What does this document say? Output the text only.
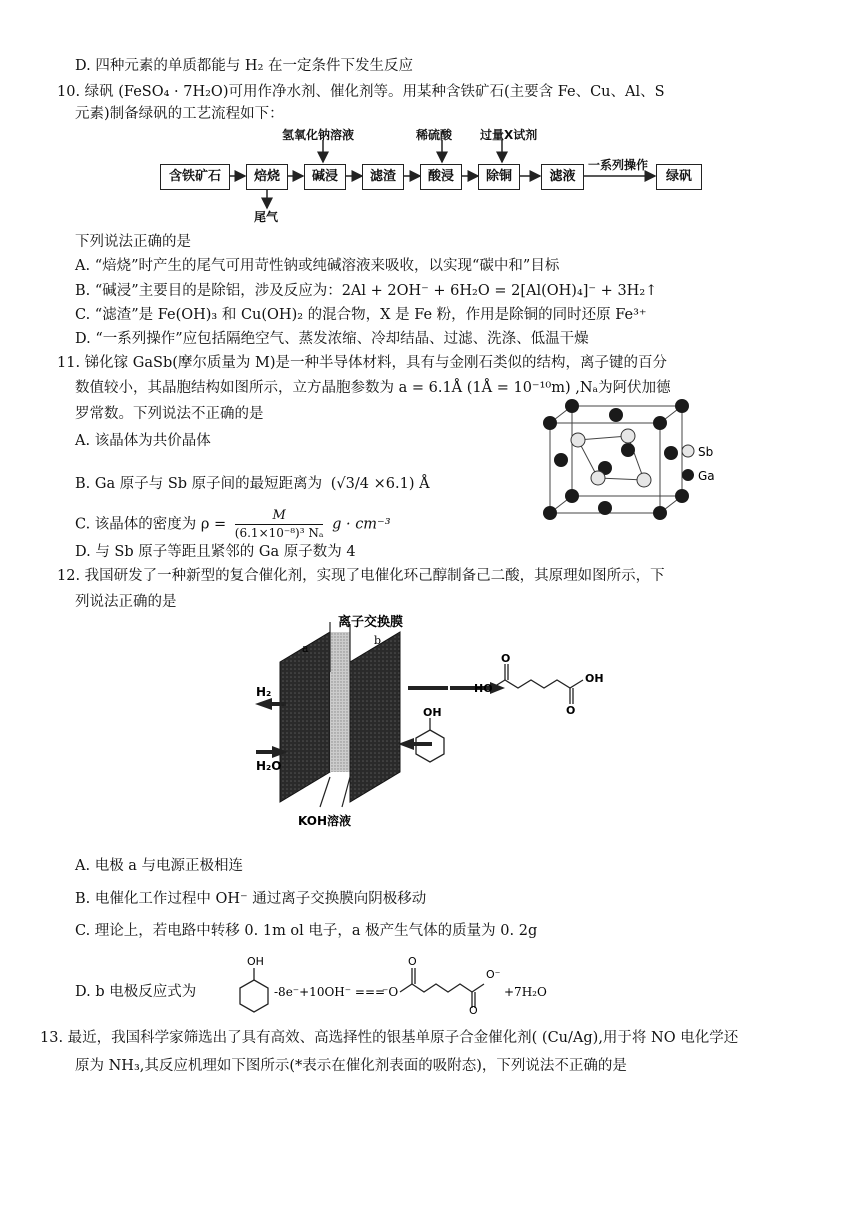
D. 四种元素的单质都能与 H₂ 在一定条件下发生反应
10. 绿矾 (FeSO₄ · 7H₂O)可用作净水剂、催化剂等。用某种含铁矿石(主要含 Fe、Cu、Al、S
元素)制备绿矾的工艺流程如下：
含铁矿石	焙烧	碱浸	滤渣	酸浸	除铜	滤液	绿矾
氢氧化钠溶液	稀硫酸 过量X试剂
尾气
一系列操作
下列说法正确的是
A. “焙烧”时产生的尾气可用苛性钠或纯碱溶液来吸收，以实现“碳中和”目标
B. “碱浸”主要目的是除铝，涉及反应为：2Al + 2OH⁻ + 6H₂O = 2[Al(OH)₄]⁻ + 3H₂↑
C. “滤渣”是 Fe(OH)₃ 和 Cu(OH)₂ 的混合物，X 是 Fe 粉，作用是除铜的同时还原 Fe³⁺
D. “一系列操作”应包括隔绝空气、蒸发浓缩、冷却结晶、过滤、洗涤、低温干燥
11. 锑化镓 GaSb(摩尔质量为 M)是一种半导体材料，具有与金刚石类似的结构，离子键的百分
数值较小，其晶胞结构如图所示，立方晶胞参数为 a = 6.1Å (1Å = 10⁻¹⁰m) ,Nₐ为阿伏加德
罗常数。下列说法不正确的是
A. 该晶体为共价晶体
B. Ga 原子与 Sb 原子间的最短距离为 (√3/4 ×6.1) Å
C. 该晶体的密度为 $\rho = \frac{M}{\text{(6.1×10⁻⁸)³ Nₐ}}$ g · cm⁻³
D. 与 Sb 原子等距且紧邻的 Ga 原子数为 4
Sb
Ga
12. 我国研发了一种新型的复合催化剂，实现了电催化环己醇制备己二酸，其原理如图所示，下
列说法正确的是
离子交换膜
a
b
H₂
H₂O
KOH溶液
HO
O
O
OH
OH
A. 电极 a 与电源正极相连
B. 电催化工作过程中 OH⁻ 通过离子交换膜向阴极移动
C. 理论上，若电路中转移 0. 1m ol 电子，a 极产生气体的质量为 0. 2g
D. b 电极反应式为
OH
-8e⁻+10OH⁻ ===
⁻O
O
O
O⁻
+7H₂O
13. 最近，我国科学家筛选出了具有高效、高选择性的银基单原子合金催化剂( (Cu/Ag),用于将 NO 电化学还
原为 NH₃,其反应机理如下图所示(*表示在催化剂表面的吸附态)，下列说法不正确的是
